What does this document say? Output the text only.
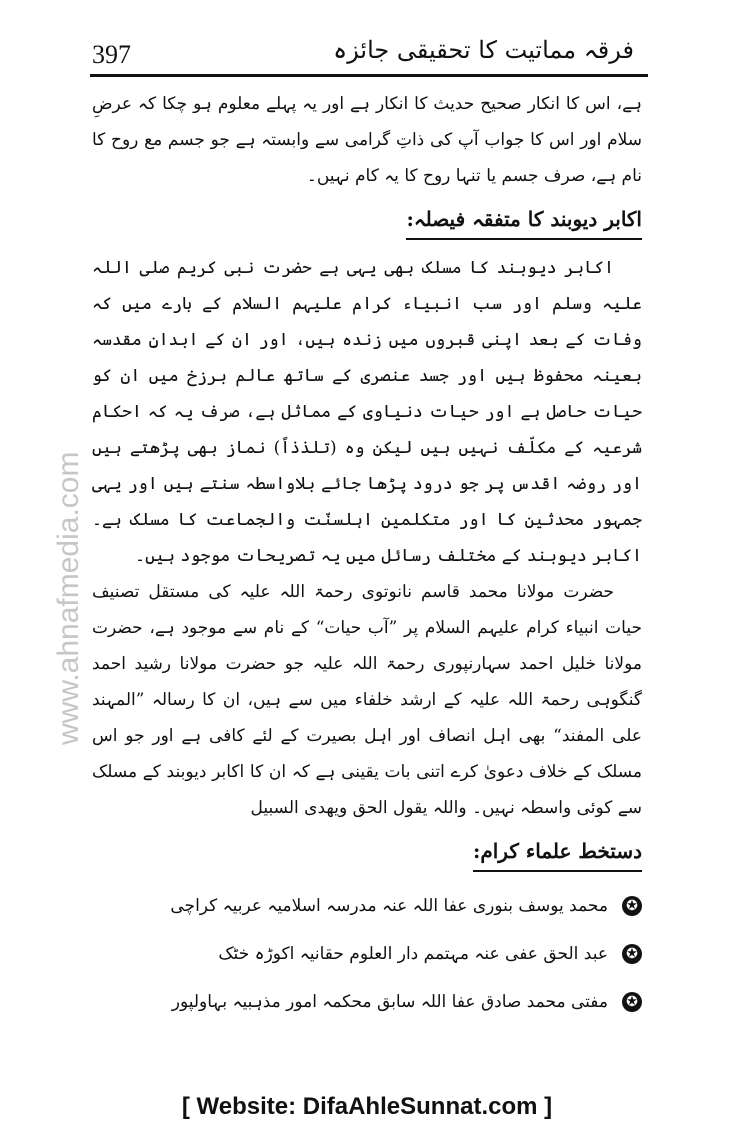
397	فرقہ مماتیت کا تحقیقی جائزہ
www.ahnafmedia.com

ہے، اس کا انکار صحیح حدیث کا انکار ہے اور یہ پہلے معلوم ہو چکا کہ عرضِ سلام اور اس کا جواب آپ کی ذاتِ گرامی سے وابستہ ہے جو جسم مع روح کا نام ہے، صرف جسم یا تنہا روح کا یہ کام نہیں۔

اکابر دیوبند کا متفقہ فیصلہ:

اکابر دیوبند کا مسلک بھی یہی ہے حضرت نبی کریم صلی اللہ علیہ وسلم اور سب انبیاء کرام علیہم السلام کے بارے میں کہ وفات کے بعد اپنی قبروں میں زندہ ہیں، اور ان کے ابدانِ مقدسہ بعینہ محفوظ ہیں اور جسد عنصری کے ساتھ عالم برزخ میں ان کو حیات حاصل ہے اور حیات دنیاوی کے مماثل ہے، صرف یہ کہ احکام شرعیہ کے مکلّف نہیں ہیں لیکن وہ (تلذذاً) نماز بھی پڑھتے ہیں اور روضہ اقدس پر جو درود پڑھا جائے بلاواسطہ سنتے ہیں اور یہی جمہور محدثین کا اور متکلمین اہلسنّت والجماعت کا مسلک ہے۔ اکابر دیوبند کے مختلف رسائل میں یہ تصریحات موجود ہیں۔

حضرت مولانا محمد قاسم نانوتوی رحمۃ اللہ علیہ کی مستقل تصنیف حیات انبیاء کرام علیہم السلام پر ”آب حیات“ کے نام سے موجود ہے، حضرت مولانا خلیل احمد سہارنپوری رحمۃ اللہ علیہ جو حضرت مولانا رشید احمد گنگوہی رحمۃ اللہ علیہ کے ارشد خلفاء میں سے ہیں، ان کا رسالہ ”المہند علی المفند“ بھی اہل انصاف اور اہل بصیرت کے لئے کافی ہے اور جو اس مسلک کے خلاف دعویٰ کرے اتنی بات یقینی ہے کہ ان کا اکابر دیوبند کے مسلک سے کوئی واسطہ نہیں۔ واللہ یقول الحق ویھدی السبیل

دستخط علماء کرام:
✪
محمد یوسف بنوری عفا اللہ عنہ مدرسہ اسلامیہ عربیہ کراچی
✪
عبد الحق عفی عنہ مہتمم دار العلوم حقانیہ اکوڑہ خٹک
✪
مفتی محمد صادق عفا اللہ سابق محکمہ امور مذہبیہ بہاولپور
[ Website: DifaAhleSunnat.com ]
